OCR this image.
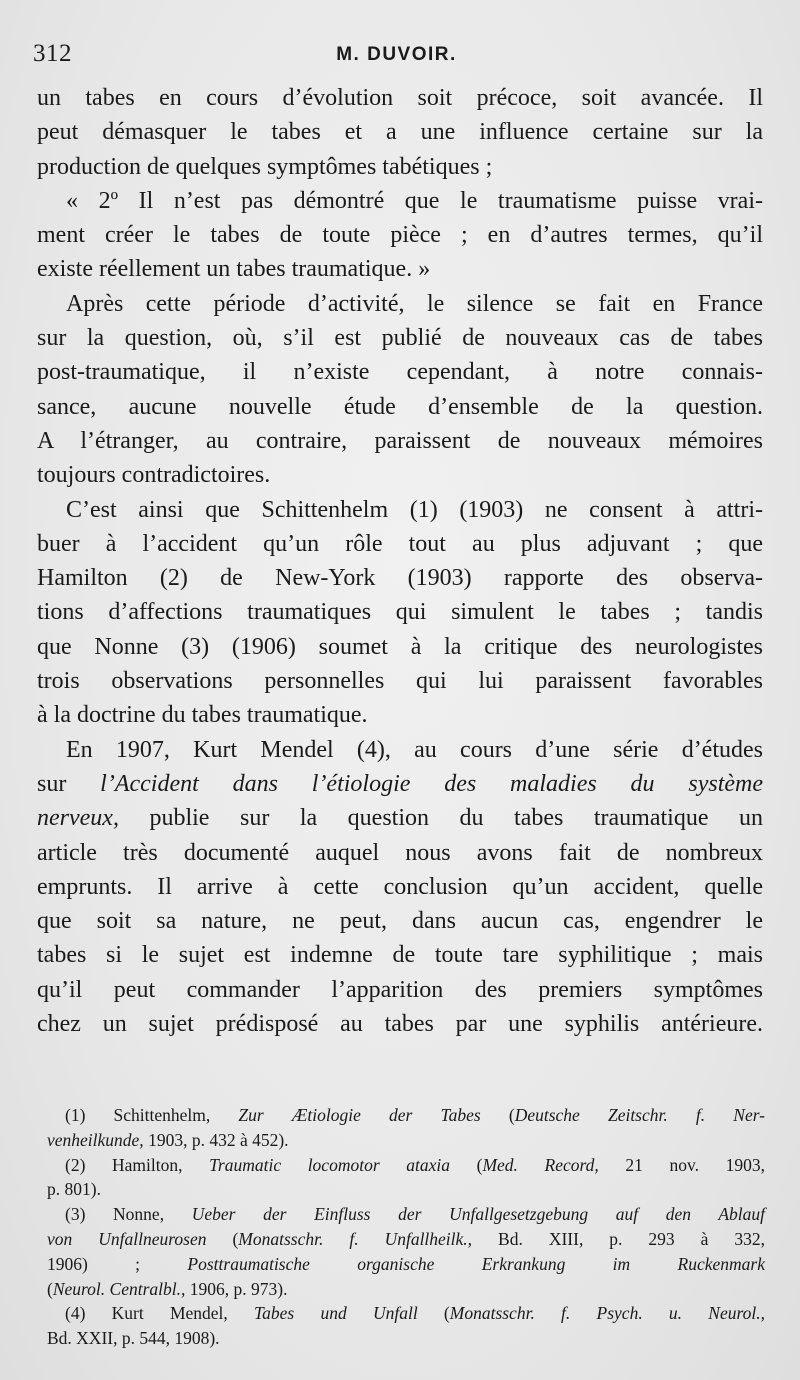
312	M. DUVOIR.
un tabes en cours d’évolution soit précoce, soit avancée. Il
peut démasquer le tabes et a une influence certaine sur la
production de quelques symptômes tabétiques ;
« 2º Il n’est pas démontré que le traumatisme puisse vrai-
ment créer le tabes de toute pièce ; en d’autres termes, qu’il
existe réellement un tabes traumatique. »
Après cette période d’activité, le silence se fait en France
sur la question, où, s’il est publié de nouveaux cas de tabes
post-traumatique, il n’existe cependant, à notre connais-
sance, aucune nouvelle étude d’ensemble de la question.
A l’étranger, au contraire, paraissent de nouveaux mémoires
toujours contradictoires.
C’est ainsi que Schittenhelm (1) (1903) ne consent à attri-
buer à l’accident qu’un rôle tout au plus adjuvant ; que
Hamilton (2) de New-York (1903) rapporte des observa-
tions d’affections traumatiques qui simulent le tabes ; tandis
que Nonne (3) (1906) soumet à la critique des neurologistes
trois observations personnelles qui lui paraissent favorables
à la doctrine du tabes traumatique.
En 1907, Kurt Mendel (4), au cours d’une série d’études
sur l’Accident dans l’étiologie des maladies du système
nerveux, publie sur la question du tabes traumatique un
article très documenté auquel nous avons fait de nombreux
emprunts. Il arrive à cette conclusion qu’un accident, quelle
que soit sa nature, ne peut, dans aucun cas, engendrer le
tabes si le sujet est indemne de toute tare syphilitique ; mais
qu’il peut commander l’apparition des premiers symptômes
chez un sujet prédisposé au tabes par une syphilis antérieure.
(1) Schittenhelm, Zur Ætiologie der Tabes (Deutsche Zeitschr. f. Ner-
venheilkunde, 1903, p. 432 à 452).
(2) Hamilton, Traumatic locomotor ataxia (Med. Record, 21 nov. 1903,
p. 801).
(3) Nonne, Ueber der Einfluss der Unfallgesetzgebung auf den Ablauf
von Unfallneurosen (Monatsschr. f. Unfallheilk., Bd. XIII, p. 293 à 332,
1906) ; Posttraumatische organische Erkrankung im Ruckenmark
(Neurol. Centralbl., 1906, p. 973).
(4) Kurt Mendel, Tabes und Unfall (Monatsschr. f. Psych. u. Neurol.,
Bd. XXII, p. 544, 1908).
